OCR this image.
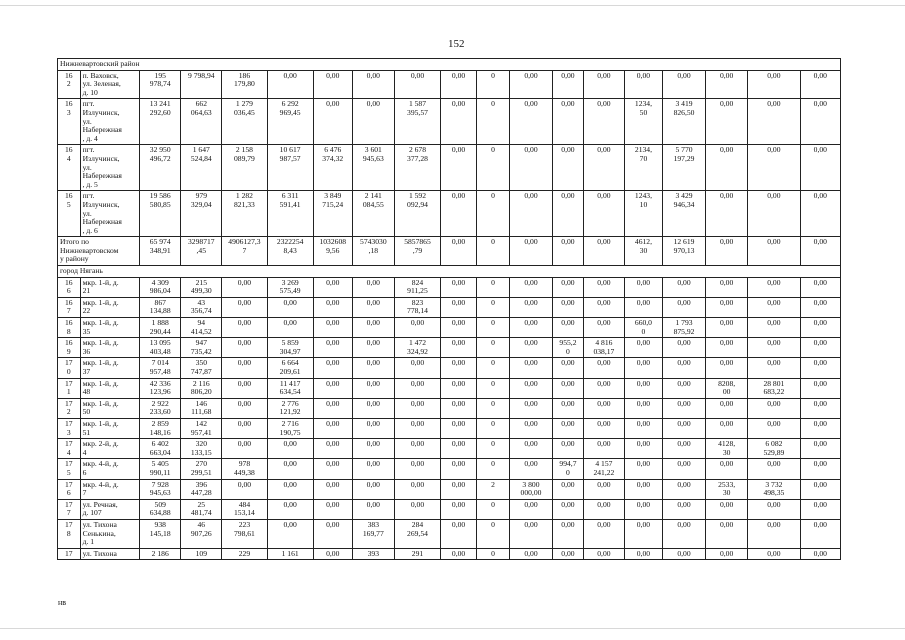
152
Нижневартовский район																		
16
2	п. Ваховск,
ул. Зеленая,
д. 10	195
978,74	9 798,94	186
179,80	0,00	0,00	0,00	0,00	0,00	0	0,00	0,00	0,00	0,00	0,00	0,00	0,00	0,00
16
3	пгт.
Излучинск,
ул.
Набережная
, д. 4	13 241
292,60	662
064,63	1 279
036,45	6 292
969,45	0,00	0,00	1 587
395,57	0,00	0	0,00	0,00	0,00	1234,
50	3 419
826,50	0,00	0,00	0,00
16
4	пгт.
Излучинск,
ул.
Набережная
, д. 5	32 950
496,72	1 647
524,84	2 158
089,79	10 617
987,57	6 476
374,32	3 601
945,63	2 678
377,28	0,00	0	0,00	0,00	0,00	2134,
70	5 770
197,29	0,00	0,00	0,00
16
5	пгт.
Излучинск,
ул.
Набережная
, д. 6	19 586
580,85	979
329,04	1 282
821,33	6 311
591,41	3 849
715,24	2 141
084,55	1 592
092,94	0,00	0	0,00	0,00	0,00	1243,
10	3 429
946,34	0,00	0,00	0,00
Итого по
Нижневартовском
у району		65 974
348,91	3298717
,45	4906127,3
7	2322254
8,43	1032608
9,56	5743030
,18	5857865
,79	0,00	0	0,00	0,00	0,00	4612,
30	12 619
970,13	0,00	0,00	0,00
город Нягань																		
16
6	мкр. 1-й, д.
21	4 309
986,04	215
499,30	0,00	3 269
575,49	0,00	0,00	824
911,25	0,00	0	0,00	0,00	0,00	0,00	0,00	0,00	0,00	0,00
16
7	мкр. 1-й, д.
22	867
134,88	43
356,74	0,00	0,00	0,00	0,00	823
778,14	0,00	0	0,00	0,00	0,00	0,00	0,00	0,00	0,00	0,00
16
8	мкр. 1-й, д.
35	1 888
290,44	94
414,52	0,00	0,00	0,00	0,00	0,00	0,00	0	0,00	0,00	0,00	660,0
0	1 793
875,92	0,00	0,00	0,00
16
9	мкр. 1-й, д.
36	13 095
403,48	947
735,42	0,00	5 859
304,97	0,00	0,00	1 472
324,92	0,00	0	0,00	955,2
0	4 816
038,17	0,00	0,00	0,00	0,00	0,00
17
0	мкр. 1-й, д.
37	7 014
957,48	350
747,87	0,00	6 664
209,61	0,00	0,00	0,00	0,00	0	0,00	0,00	0,00	0,00	0,00	0,00	0,00	0,00
17
1	мкр. 1-й, д.
48	42 336
123,96	2 116
806,20	0,00	11 417
634,54	0,00	0,00	0,00	0,00	0	0,00	0,00	0,00	0,00	0,00	8208,
00	28 801
683,22	0,00
17
2	мкр. 1-й, д.
50	2 922
233,60	146
111,68	0,00	2 776
121,92	0,00	0,00	0,00	0,00	0	0,00	0,00	0,00	0,00	0,00	0,00	0,00	0,00
17
3	мкр. 1-й, д.
51	2 859
148,16	142
957,41	0,00	2 716
190,75	0,00	0,00	0,00	0,00	0	0,00	0,00	0,00	0,00	0,00	0,00	0,00	0,00
17
4	мкр. 2-й, д.
4	6 402
663,04	320
133,15	0,00	0,00	0,00	0,00	0,00	0,00	0	0,00	0,00	0,00	0,00	0,00	4128,
30	6 082
529,89	0,00
17
5	мкр. 4-й, д.
6	5 405
990,11	270
299,51	978
449,38	0,00	0,00	0,00	0,00	0,00	0	0,00	994,7
0	4 157
241,22	0,00	0,00	0,00	0,00	0,00
17
6	мкр. 4-й, д.
7	7 928
945,63	396
447,28	0,00	0,00	0,00	0,00	0,00	0,00	2	3 800
000,00	0,00	0,00	0,00	0,00	2533,
30	3 732
498,35	0,00
17
7	ул. Речная,
д. 107	509
634,88	25
481,74	484
153,14	0,00	0,00	0,00	0,00	0,00	0	0,00	0,00	0,00	0,00	0,00	0,00	0,00	0,00
17
8	ул. Тихона
Сенькина,
д. 1	938
145,18	46
907,26	223
798,61	0,00	0,00	383
169,77	284
269,54	0,00	0	0,00	0,00	0,00	0,00	0,00	0,00	0,00	0,00
17	ул. Тихона	2 186	109	229	1 161	0,00	393	291	0,00	0	0,00	0,00	0,00	0,00	0,00	0,00	0,00	0,00
нв
